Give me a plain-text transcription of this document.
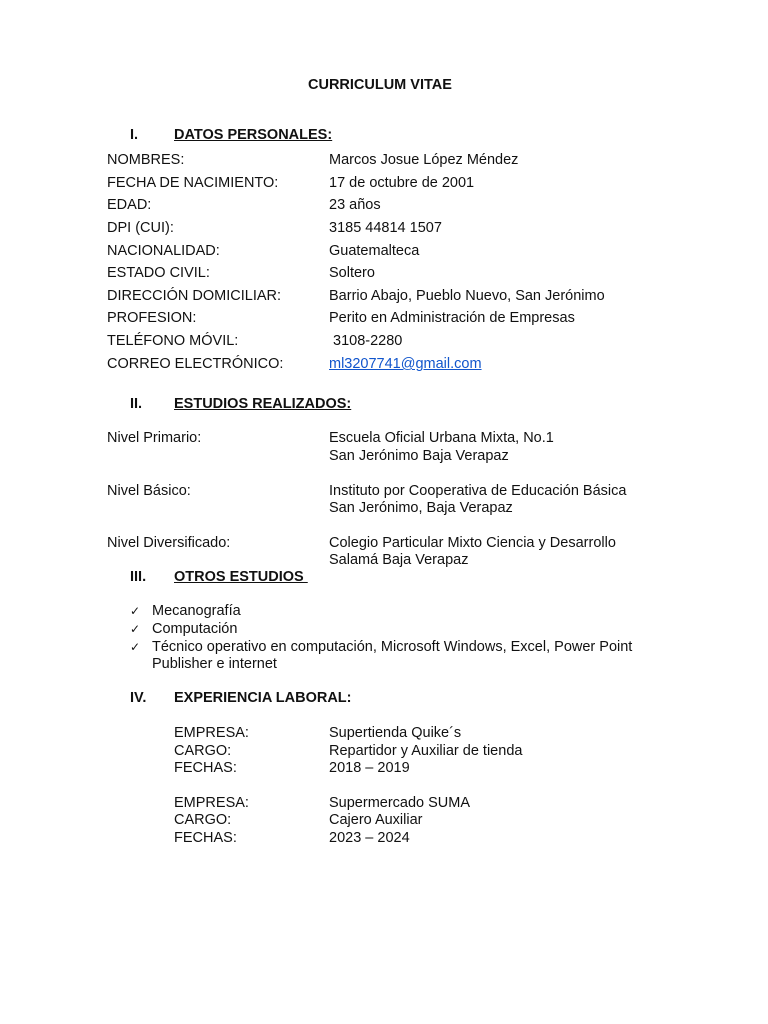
CURRICULUM VITAE
I. DATOS PERSONALES:
NOMBRES:	Marcos Josue López Méndez
FECHA DE NACIMIENTO:	17 de octubre de 2001
EDAD:	23 años
DPI (CUI):	3185 44814 1507
NACIONALIDAD:	Guatemalteca
ESTADO CIVIL:	Soltero
DIRECCIÓN DOMICILIAR:	Barrio Abajo, Pueblo Nuevo, San Jerónimo
PROFESION:	Perito en Administración de Empresas
TELÉFONO MÓVIL:	3108-2280
CORREO ELECTRÓNICO:	ml3207741@gmail.com
II. ESTUDIOS REALIZADOS:
Nivel Primario:	Escuela Oficial Urbana Mixta, No.1
San Jerónimo Baja Verapaz
Nivel Básico:	Instituto por Cooperativa de Educación Básica
San Jerónimo, Baja Verapaz
Nivel Diversificado:	Colegio Particular Mixto Ciencia y Desarrollo
Salamá Baja Verapaz
III. OTROS ESTUDIOS
✓ Mecanografía
✓ Computación
✓ Técnico operativo en computación, Microsoft Windows, Excel, Power Point
Publisher e internet
IV. EXPERIENCIA LABORAL:
EMPRESA:	Supertienda Quike´s
CARGO:	Repartidor y Auxiliar de tienda
FECHAS:	2018 – 2019
EMPRESA:	Supermercado SUMA
CARGO:	Cajero Auxiliar
FECHAS:	2023 – 2024
